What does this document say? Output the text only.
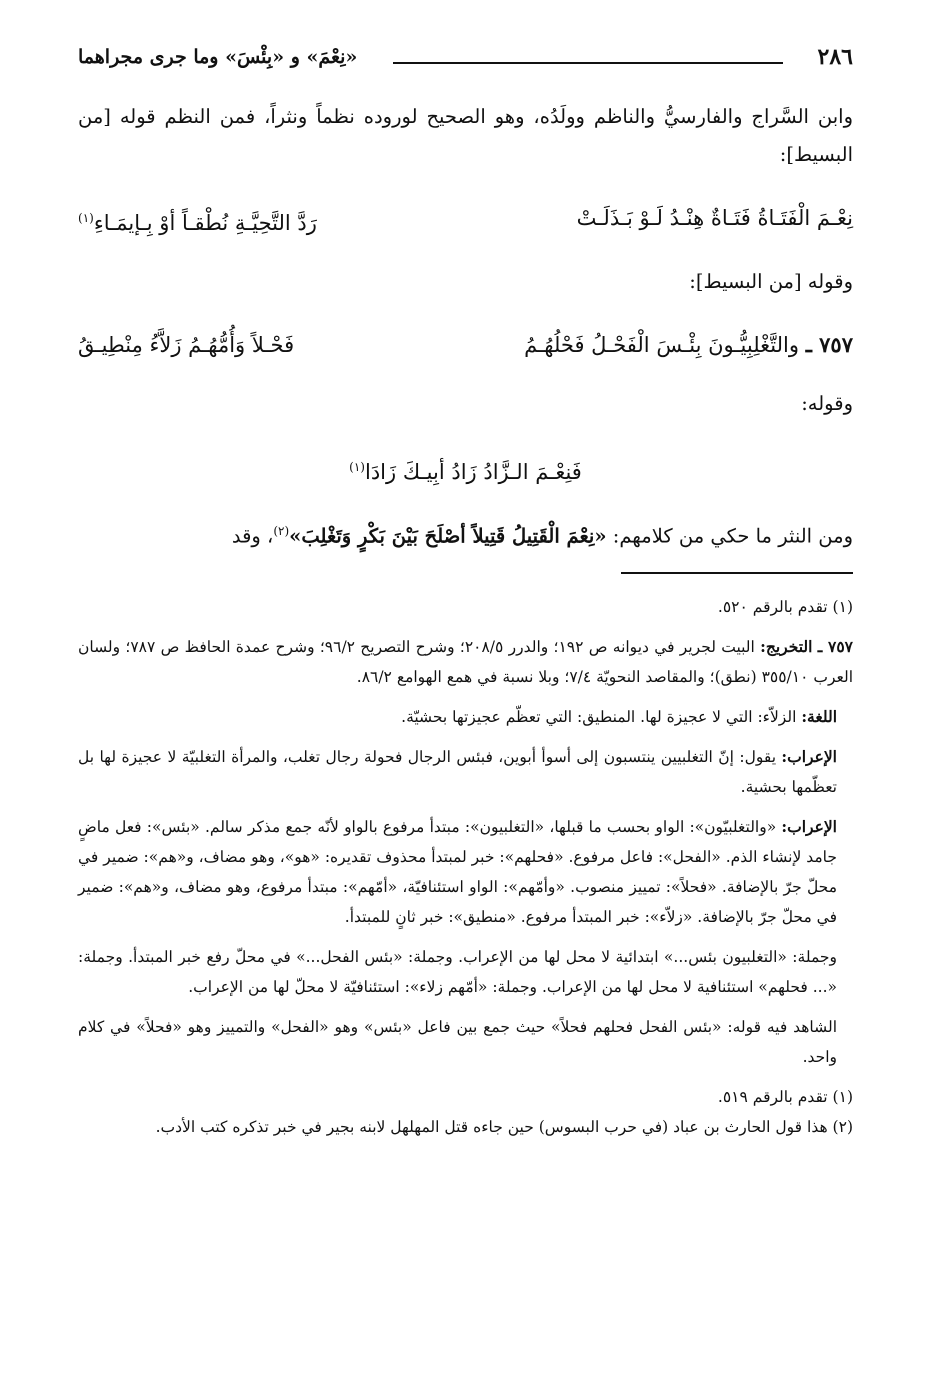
٢٨٦
«نِعْمَ» و «بِئْسَ» وما جرى مجراهما

وابن السَّراج والفارسيُّ والناظم وولَدُه، وهو الصحيح لوروده نظماً ونثراً، فمن النظم قوله [من البسيط]:

نِعْـمَ الْفَتَـاةُ فَتَـاةٌ هِنْـدُ لَـوْ بَـذَلَـتْ
رَدَّ التَّحِيَّـةِ نُطْقـاً أوْ بِـإيمَـاءِ$^{(١)}$

وقوله [من البسيط]:

٧٥٧ ـ والتَّغْلِبِيُّـونَ بِئْـسَ الْفَحْـلُ فَحْلُهُـمُ
فَحْـلاً وَأُمُّهُـمُ زَلاَّءُ مِنْطِيـقُ

وقوله:

فَنِعْـمَ الـزَّادُ زَادُ أبِيـكَ زَادَا$^{(١)}$

ومن النثر ما حكي من كلامهم: «نِعْمَ الْقَتِيلُ قَتِيلاً أصْلَحَ بَيْنَ بَكْرٍ وَتَغْلِبَ»$^{(٢)}$، وقد

(١) تقدم بالرقم ٥٢٠.

٧٥٧ ـ التخريج: البيت لجرير في ديوانه ص ١٩٢؛ والدرر ٢٠٨/٥؛ وشرح التصريح ٩٦/٢؛ وشرح عمدة الحافظ ص ٧٨٧؛ ولسان العرب ٣٥٥/١٠ (نطق)؛ والمقاصد النحويّة ٧/٤؛ وبلا نسبة في همع الهوامع ٨٦/٢.

اللغة: الزلاّء: التي لا عجيزة لها. المنطيق: التي تعظّم عجيزتها بحشيّة.

الإعراب: يقول: إنّ التغلبيين ينتسبون إلى أسوأ أبوين، فبئس الرجال فحولة رجال تغلب، والمرأة التغلبيّة لا عجيزة لها بل تعظّمها بحشية.

الإعراب: «والتغلبيّون»: الواو بحسب ما قبلها، «التغلبيون»: مبتدأ مرفوع بالواو لأنّه جمع مذكر سالم. «بئس»: فعل ماضٍ جامد لإنشاء الذم. «الفحل»: فاعل مرفوع. «فحلهم»: خبر لمبتدأ محذوف تقديره: «هو»، وهو مضاف، و«هم»: ضمير في محلّ جرّ بالإضافة. «فحلاً»: تمييز منصوب. «وأمّهم»: الواو استئنافيّة، «أمّهم»: مبتدأ مرفوع، وهو مضاف، و«هم»: ضمير في محلّ جرّ بالإضافة. «زلاّء»: خبر المبتدأ مرفوع. «منطيق»: خبر ثانٍ للمبتدأ.

وجملة: «التغلبيون بئس...» ابتدائية لا محل لها من الإعراب. وجملة: «بئس الفحل...» في محلّ رفع خبر المبتدأ. وجملة: «... فحلهم» استئنافية لا محل لها من الإعراب. وجملة: «أمّهم زلاء»: استئنافيّة لا محلّ لها من الإعراب.

الشاهد فيه قوله: «بئس الفحل فحلهم فحلاً» حيث جمع بين فاعل «بئس» وهو «الفحل» والتمييز وهو «فحلاً» في كلام واحد.

(١) تقدم بالرقم ٥١٩.

(٢) هذا قول الحارث بن عباد (في حرب البسوس) حين جاءه قتل المهلهل لابنه بجير في خبر تذكره كتب الأدب.
